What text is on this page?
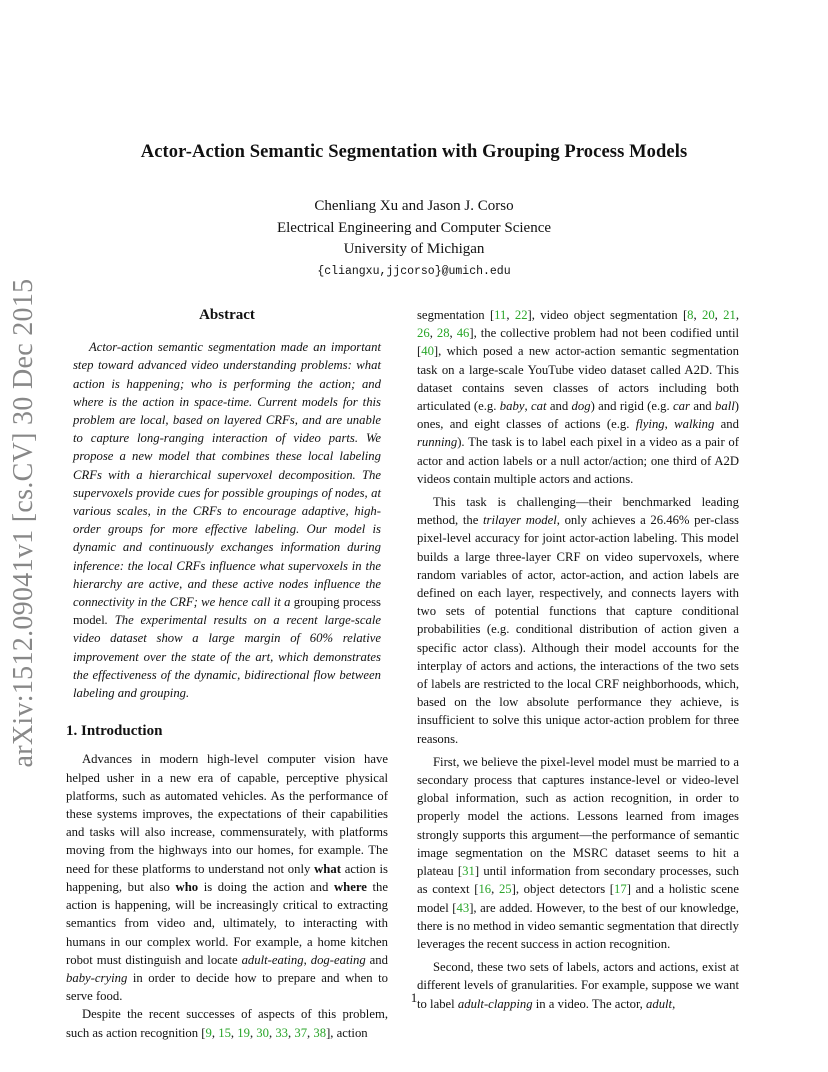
Actor-Action Semantic Segmentation with Grouping Process Models
Chenliang Xu and Jason J. Corso
Electrical Engineering and Computer Science
University of Michigan
{cliangxu,jjcorso}@umich.edu
arXiv:1512.09041v1 [cs.CV] 30 Dec 2015	Abstract

Actor-action semantic segmentation made an important step toward advanced video understanding problems: what action is happening; who is performing the action; and where is the action in space-time. Current models for this problem are local, based on layered CRFs, and are unable to capture long-ranging interaction of video parts. We propose a new model that combines these local labeling CRFs with a hierarchical supervoxel decomposition. The supervoxels provide cues for possible groupings of nodes, at various scales, in the CRFs to encourage adaptive, high-order groups for more effective labeling. Our model is dynamic and continuously exchanges information during inference: the local CRFs influence what supervoxels in the hierarchy are active, and these active nodes influence the connectivity in the CRF; we hence call it a grouping process model. The experimental results on a recent large-scale video dataset show a large margin of 60% relative improvement over the state of the art, which demonstrates the effectiveness of the dynamic, bidirectional flow between labeling and grouping.

1. Introduction

Advances in modern high-level computer vision have helped usher in a new era of capable, perceptive physical platforms, such as automated vehicles. As the performance of these systems improves, the expectations of their capabilities and tasks will also increase, commensurately, with platforms moving from the highways into our homes, for example. The need for these platforms to understand not only what action is happening, but also who is doing the action and where the action is happening, will be increasingly critical to extracting semantics from video and, ultimately, to interacting with humans in our complex world. For example, a home kitchen robot must distinguish and locate adult-eating, dog-eating and baby-crying in order to decide how to prepare and when to serve food.

Despite the recent successes of aspects of this problem, such as action recognition [9, 15, 19, 30, 33, 37, 38], action

segmentation [11, 22], video object segmentation [8, 20, 21, 26, 28, 46], the collective problem had not been codified until [40], which posed a new actor-action semantic segmentation task on a large-scale YouTube video dataset called A2D. This dataset contains seven classes of actors including both articulated (e.g. baby, cat and dog) and rigid (e.g. car and ball) ones, and eight classes of actions (e.g. flying, walking and running). The task is to label each pixel in a video as a pair of actor and action labels or a null actor/action; one third of A2D videos contain multiple actors and actions.

This task is challenging—their benchmarked leading method, the trilayer model, only achieves a 26.46% per-class pixel-level accuracy for joint actor-action labeling. This model builds a large three-layer CRF on video supervoxels, where random variables of actor, actor-action, and action labels are defined on each layer, respectively, and connects layers with two sets of potential functions that capture conditional probabilities (e.g. conditional distribution of action given a specific actor class). Although their model accounts for the interplay of actors and actions, the interactions of the two sets of labels are restricted to the local CRF neighborhoods, which, based on the low absolute performance they achieve, is insufficient to solve this unique actor-action problem for three reasons.

First, we believe the pixel-level model must be married to a secondary process that captures instance-level or video-level global information, such as action recognition, in order to properly model the actions. Lessons learned from images strongly supports this argument—the performance of semantic image segmentation on the MSRC dataset seems to hit a plateau [31] until information from secondary processes, such as context [16, 25], object detectors [17] and a holistic scene model [43], are added. However, to the best of our knowledge, there is no method in video semantic segmentation that directly leverages the recent success in action recognition.

Second, these two sets of labels, actors and actions, exist at different levels of granularities. For example, suppose we want to label adult-clapping in a video. The actor, adult,

1
